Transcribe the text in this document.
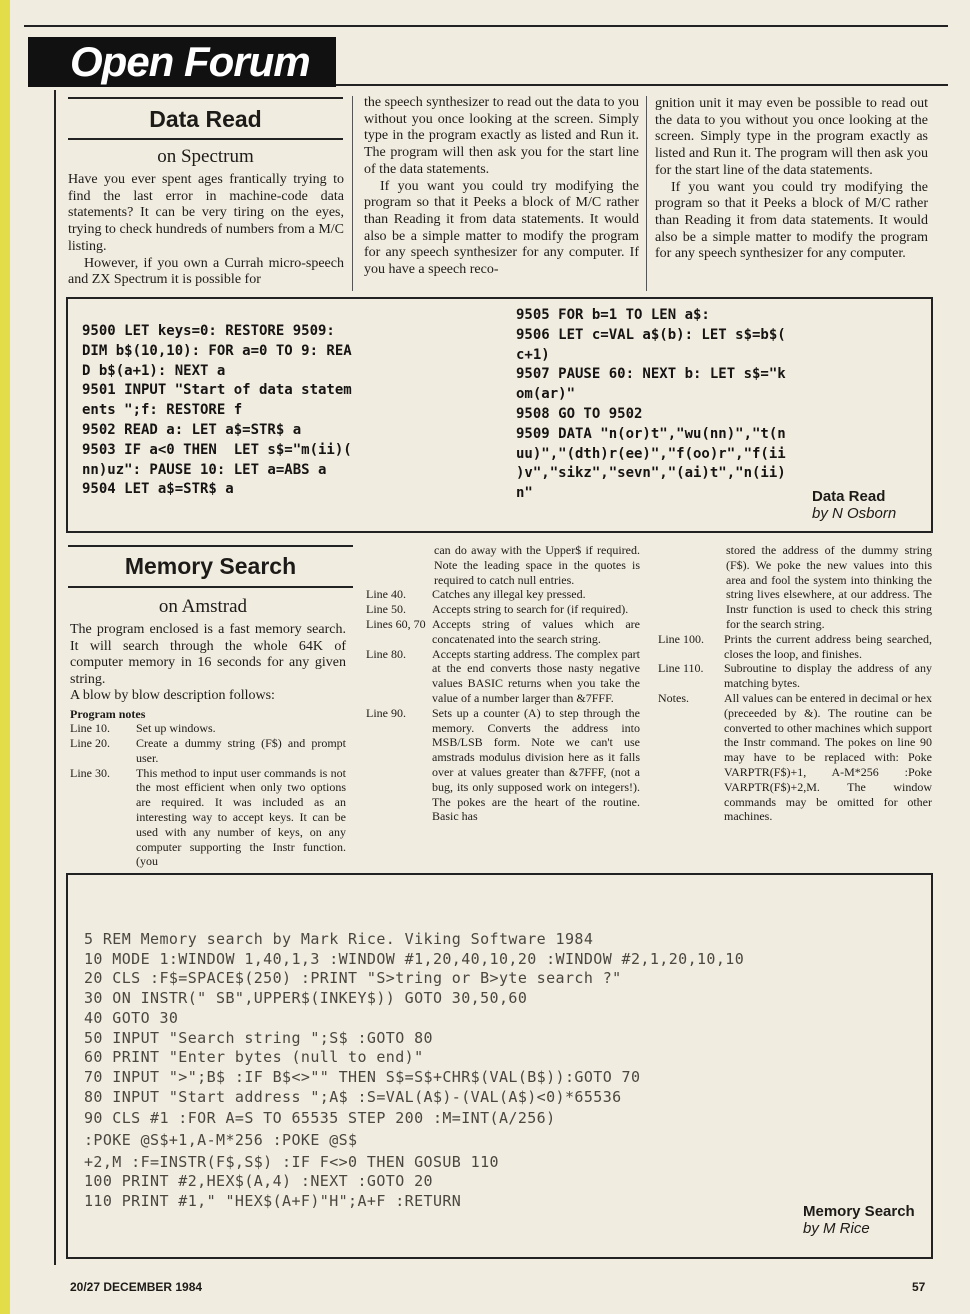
Open Forum
Data Read
on Spectrum

Have you ever spent ages frantically trying to find the last error in machine-code data statements? It can be very tiring on the eyes, trying to check hundreds of numbers from a M/C listing.

However, if you own a Currah micro-speech and ZX Spectrum it is possible for

the speech synthesizer to read out the data to you without you once looking at the screen. Simply type in the program exactly as listed and Run it. The program will then ask you for the start line of the data statements.

If you want you could try modifying the program so that it Peeks a block of M/C rather than Reading it from data statements. It would also be a simple matter to modify the program for any speech synthesizer for any computer. If you have a speech reco-

gnition unit it may even be possible to read out the data to you without you once looking at the screen. Simply type in the program exactly as listed and Run it. The program will then ask you for the start line of the data statements.

If you want you could try modifying the program so that it Peeks a block of M/C rather than Reading it from data statements. It would also be a simple matter to modify the program for any speech synthesizer for any computer.

9500 LET keys=0: RESTORE 9509:
DIM b$(10,10): FOR a=0 TO 9: REA
D b$(a+1): NEXT a
9501 INPUT "Start of data statem
ents ";f: RESTORE f
9502 READ a: LET a$=STR$ a
9503 IF a<0 THEN  LET s$="m(ii)(
nn)uz": PAUSE 10: LET a=ABS a
9504 LET a$=STR$ a
9505 FOR b=1 TO LEN a$:
9506 LET c=VAL a$(b): LET s$=b$(
c+1)
9507 PAUSE 60: NEXT b: LET s$="k
om(ar)"
9508 GO TO 9502
9509 DATA "n(or)t","wu(nn)","t(n
uu)","(dth)r(ee)","f(oo)r","f(ii
)v","sikz","sevn","(ai)t","n(ii)
n"	Data Read
by N Osborn
Memory Search
on Amstrad
The program enclosed is a fast memory search. It will search through the whole 64K of computer memory in 16 seconds for any given string.
A blow by blow description follows:
Program notes
Line 10.	Set up windows.
Line 20.	Create a dummy string (F$) and prompt user.
Line 30.	This method to input user commands is not the most efficient when only two options are required. It was included as an interesting way to accept keys. It can be used with any number of keys, on any computer supporting the Instr function. (you
can do away with the Upper$ if required. Note the leading space in the quotes is required to catch null entries.
Line 40.	Catches any illegal key pressed.
Line 50.	Accepts string to search for (if required).
Lines 60, 70 Accepts string of values which are concatenated into the search string.
Line 80.	Accepts starting address. The complex part at the end converts those nasty negative values BASIC returns when you take the value of a number larger than &7FFF.
Line 90.	Sets up a counter (A) to step through the memory. Converts the address into MSB/LSB form. Note we can't use amstrads modulus division here as it falls over at values greater than &7FFF, (not a bug, its only supposed work on integers!). The pokes are the heart of the routine. Basic has
stored the address of the dummy string (F$). We poke the new values into this area and fool the system into thinking the string lives elsewhere, at our address. The Instr function is used to check this string for the search string.
Line 100.	Prints the current address being searched, closes the loop, and finishes.
Line 110.	Subroutine to display the address of any matching bytes.
Notes.	All values can be entered in decimal or hex (preceeded by &). The routine can be converted to other machines which support the Instr command. The pokes on line 90 may have to be replaced with: Poke VARPTR(F$)+1, A-M*256 :Poke VARPTR(F$)+2,M. The window commands may be omitted for other machines.
5 REM Memory search by Mark Rice. Viking Software 1984
10 MODE 1:WINDOW 1,40,1,3 :WINDOW #1,20,40,10,20 :WINDOW #2,1,20,10,10
20 CLS :F$=SPACE$(250) :PRINT "S>tring or B>yte search ?"
30 ON INSTR(" SB",UPPER$(INKEY$)) GOTO 30,50,60
40 GOTO 30
50 INPUT "Search string ";S$ :GOTO 80
60 PRINT "Enter bytes (null to end)"
70 INPUT ">";B$ :IF B$<>"" THEN S$=S$+CHR$(VAL(B$)):GOTO 70
80 INPUT "Start address ";A$ :S=VAL(A$)-(VAL(A$)<0)*65536
90 CLS #1 :FOR A=S TO 65535 STEP 200 :M=INT(A/256)
:POKE @S$+1,A-M*256 :POKE @S$
+2,M :F=INSTR(F$,S$) :IF F<>0 THEN GOSUB 110
100 PRINT #2,HEX$(A,4) :NEXT :GOTO 20
110 PRINT #1," "HEX$(A+F)"H";A+F :RETURN
Memory Search
by M Rice
20/27 DECEMBER 1984	57
